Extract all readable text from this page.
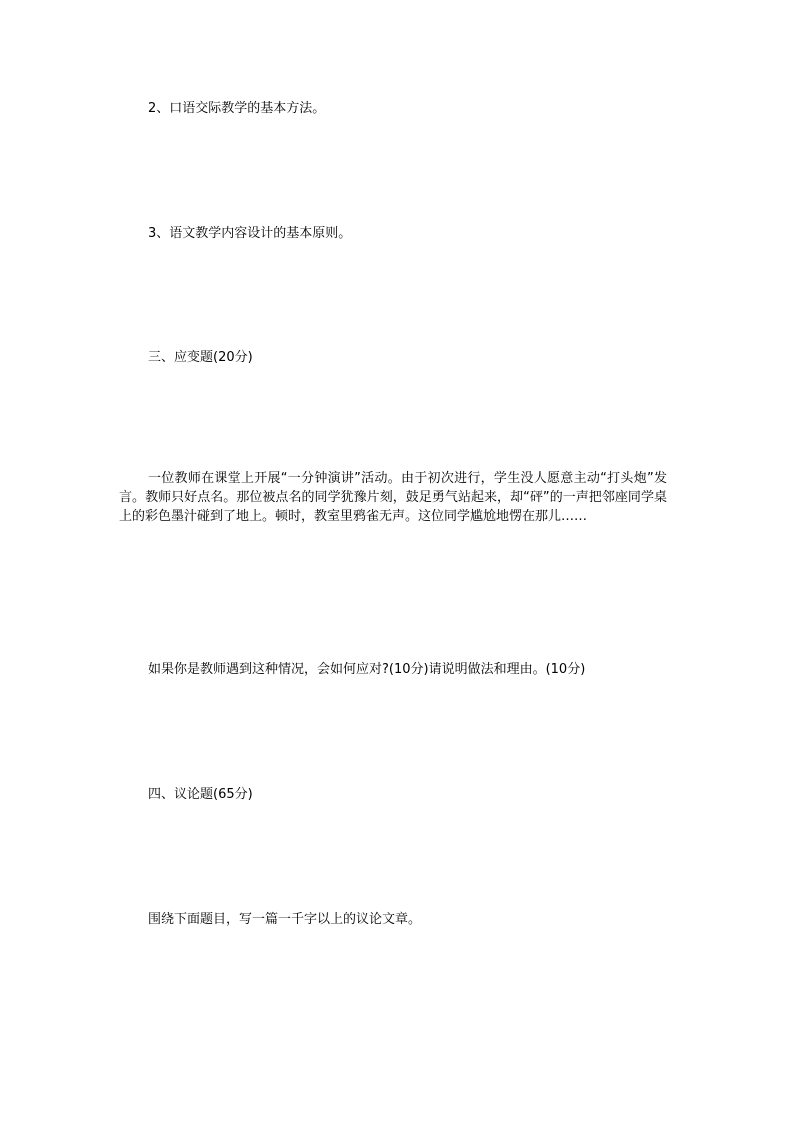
2、口语交际教学的基本方法。

3、语文教学内容设计的基本原则。

三、应变题(20分)

一位教师在课堂上开展“一分钟演讲”活动。由于初次进行，学生没人愿意主动“打头炮”发言。教师只好点名。那位被点名的同学犹豫片刻，鼓足勇气站起来，却“砰”的一声把邻座同学桌上的彩色墨汁碰到了地上。顿时，教室里鸦雀无声。这位同学尴尬地愣在那儿……

如果你是教师遇到这种情况，会如何应对?(10分)请说明做法和理由。(10分)

四、议论题(65分)

围绕下面题目，写一篇一千字以上的议论文章。
